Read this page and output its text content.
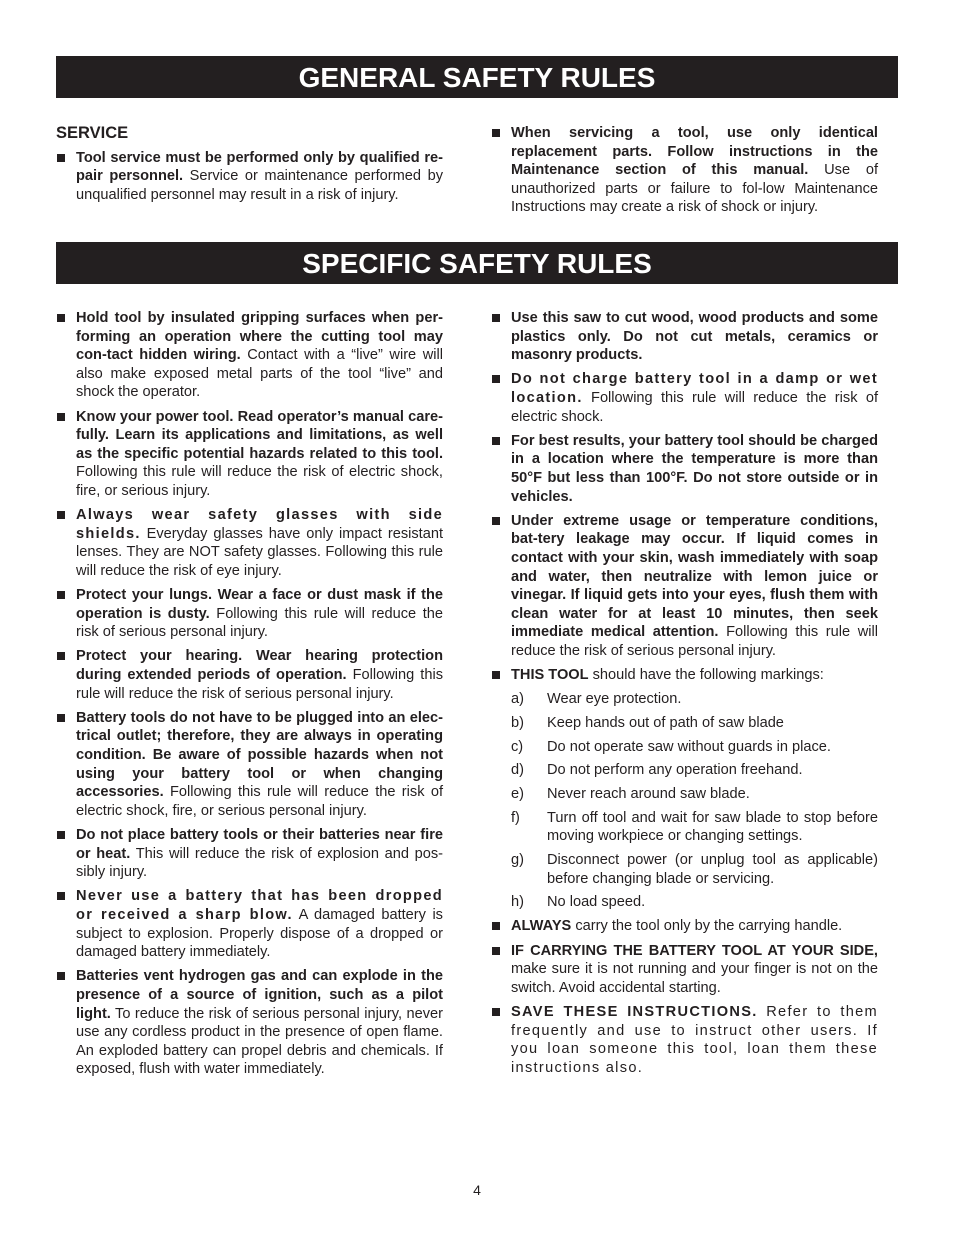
GENERAL SAFETY RULES
SERVICE
Tool service must be performed only by qualified re-pair personnel. Service or maintenance performed by unqualified personnel may result in a risk of injury.
When servicing a tool, use only identical replacement parts. Follow instructions in the Maintenance section of this manual. Use of unauthorized parts or failure to fol-low Maintenance Instructions may create a risk of shock or injury.
SPECIFIC SAFETY RULES
Hold tool by insulated gripping surfaces when per-forming an operation where the cutting tool may con-tact hidden wiring. Contact with a “live” wire will also make exposed metal parts of the tool “live” and shock the operator.
Know your power tool. Read operator’s manual care-fully. Learn its applications and limitations, as well as the specific potential hazards related to this tool. Following this rule will reduce the risk of electric shock, fire, or serious injury.
Always wear safety glasses with side shields. Everyday glasses have only impact resistant lenses. They are NOT safety glasses. Following this rule will reduce the risk of eye injury.
Protect your lungs. Wear a face or dust mask if the operation is dusty. Following this rule will reduce the risk of serious personal injury.
Protect your hearing. Wear hearing protection during extended periods of operation. Following this rule will reduce the risk of serious personal injury.
Battery tools do not have to be plugged into an elec-trical outlet; therefore, they are always in operating condition. Be aware of possible hazards when not using your battery tool or when changing accessories. Following this rule will reduce the risk of electric shock, fire, or serious personal injury.
Do not place battery tools or their batteries near fire or heat. This will reduce the risk of explosion and pos-sibly injury.
Never use a battery that has been dropped or received a sharp blow. A damaged battery is subject to explosion. Properly dispose of a dropped or damaged battery immediately.
Batteries vent hydrogen gas and can explode in the presence of a source of ignition, such as a pilot light. To reduce the risk of serious personal injury, never use any cordless product in the presence of open flame. An exploded battery can propel debris and chemicals. If exposed, flush with water immediately.
Use this saw to cut wood, wood products and some plastics only. Do not cut metals, ceramics or masonry products.
Do not charge battery tool in a damp or wet location. Following this rule will reduce the risk of electric shock.
For best results, your battery tool should be charged in a location where the temperature is more than 50°F but less than 100°F. Do not store outside or in vehicles.
Under extreme usage or temperature conditions, bat-tery leakage may occur. If liquid comes in contact with your skin, wash immediately with soap and water, then neutralize with lemon juice or vinegar. If liquid gets into your eyes, flush them with clean water for at least 10 minutes, then seek immediate medical attention. Following this rule will reduce the risk of serious personal injury.
THIS TOOL should have the following markings:
a)	Wear eye protection.
b)	Keep hands out of path of saw blade
c)	Do not operate saw without guards in place.
d)	Do not perform any operation freehand.
e)	Never reach around saw blade.
f)	Turn off tool and wait for saw blade to stop before moving workpiece or changing settings.
g)	Disconnect power (or unplug tool as applicable) before changing blade or servicing.
h)	No load speed.
ALWAYS carry the tool only by the carrying handle.
IF CARRYING THE BATTERY TOOL AT YOUR SIDE, make sure it is not running and your finger is not on the switch. Avoid accidental starting.
SAVE THESE INSTRUCTIONS. Refer to them frequently and use to instruct other users. If you loan someone this tool, loan them these instructions also.
4
